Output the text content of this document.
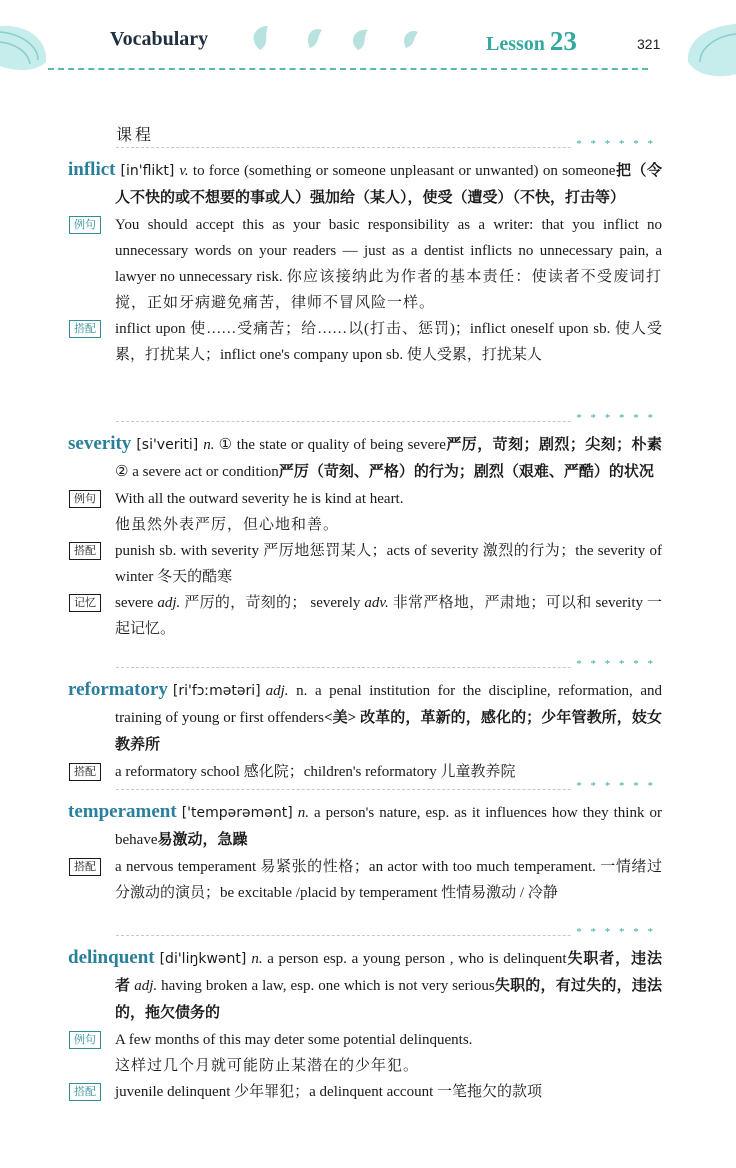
Vocabulary	Lesson 23	321
课程	* * * * * *
inflict [in'flikt] v. to force (something or someone unpleasant or unwanted) on someone把（令人不快的或不想要的事或人）强加给（某人），使受（遭受）（不快，打击等）
例句	You should accept this as your basic responsibility as a writer: that you inflict no unnecessary words on your readers — just as a dentist inflicts no unnecessary pain, a lawyer no unnecessary risk. 你应该接纳此为作者的基本责任：使读者不受废词打搅，正如牙病避免痛苦，律师不冒风险一样。
搭配	inflict upon 使……受痛苦；给……以(打击、惩罚)；inflict oneself upon sb. 使人受累，打扰某人；inflict one's company upon sb. 使人受累，打扰某人
* * * * * *
severity [si'veriti] n. ① the state or quality of being severe严厉，苛刻；剧烈；尖刻；朴素② a severe act or condition严厉（苛刻、严格）的行为；剧烈（艰难、严酷）的状况
例句	With all the outward severity he is kind at heart.
他虽然外表严厉，但心地和善。
搭配	punish sb. with severity 严厉地惩罚某人；acts of severity 激烈的行为；the severity of winter 冬天的酷寒
记忆	severe adj. 严厉的，苛刻的； severely adv. 非常严格地，严肃地；可以和 severity 一起记忆。
* * * * * *
reformatory [ri'fɔːmətəri] adj. n. a penal institution for the discipline, reformation, and training of young or first offenders<美> 改革的，革新的，感化的；少年管教所，妓女教养所
搭配	a reformatory school 感化院；children's reformatory 儿童教养院
* * * * * *
temperament ['tempərəmənt] n. a person's nature, esp. as it influences how they think or behave易激动，急躁
搭配	a nervous temperament 易紧张的性格；an actor with too much temperament. 一情绪过分激动的演员；be excitable /placid by temperament 性情易激动 / 冷静
* * * * * *
delinquent [di'liŋkwənt] n. a person esp. a young person , who is delinquent失职者，违法者 adj. having broken a law, esp. one which is not very serious失职的，有过失的，违法的，拖欠债务的
例句	A few months of this may deter some potential delinquents.
这样过几个月就可能防止某潜在的少年犯。
搭配	juvenile delinquent 少年罪犯；a delinquent account 一笔拖欠的款项
